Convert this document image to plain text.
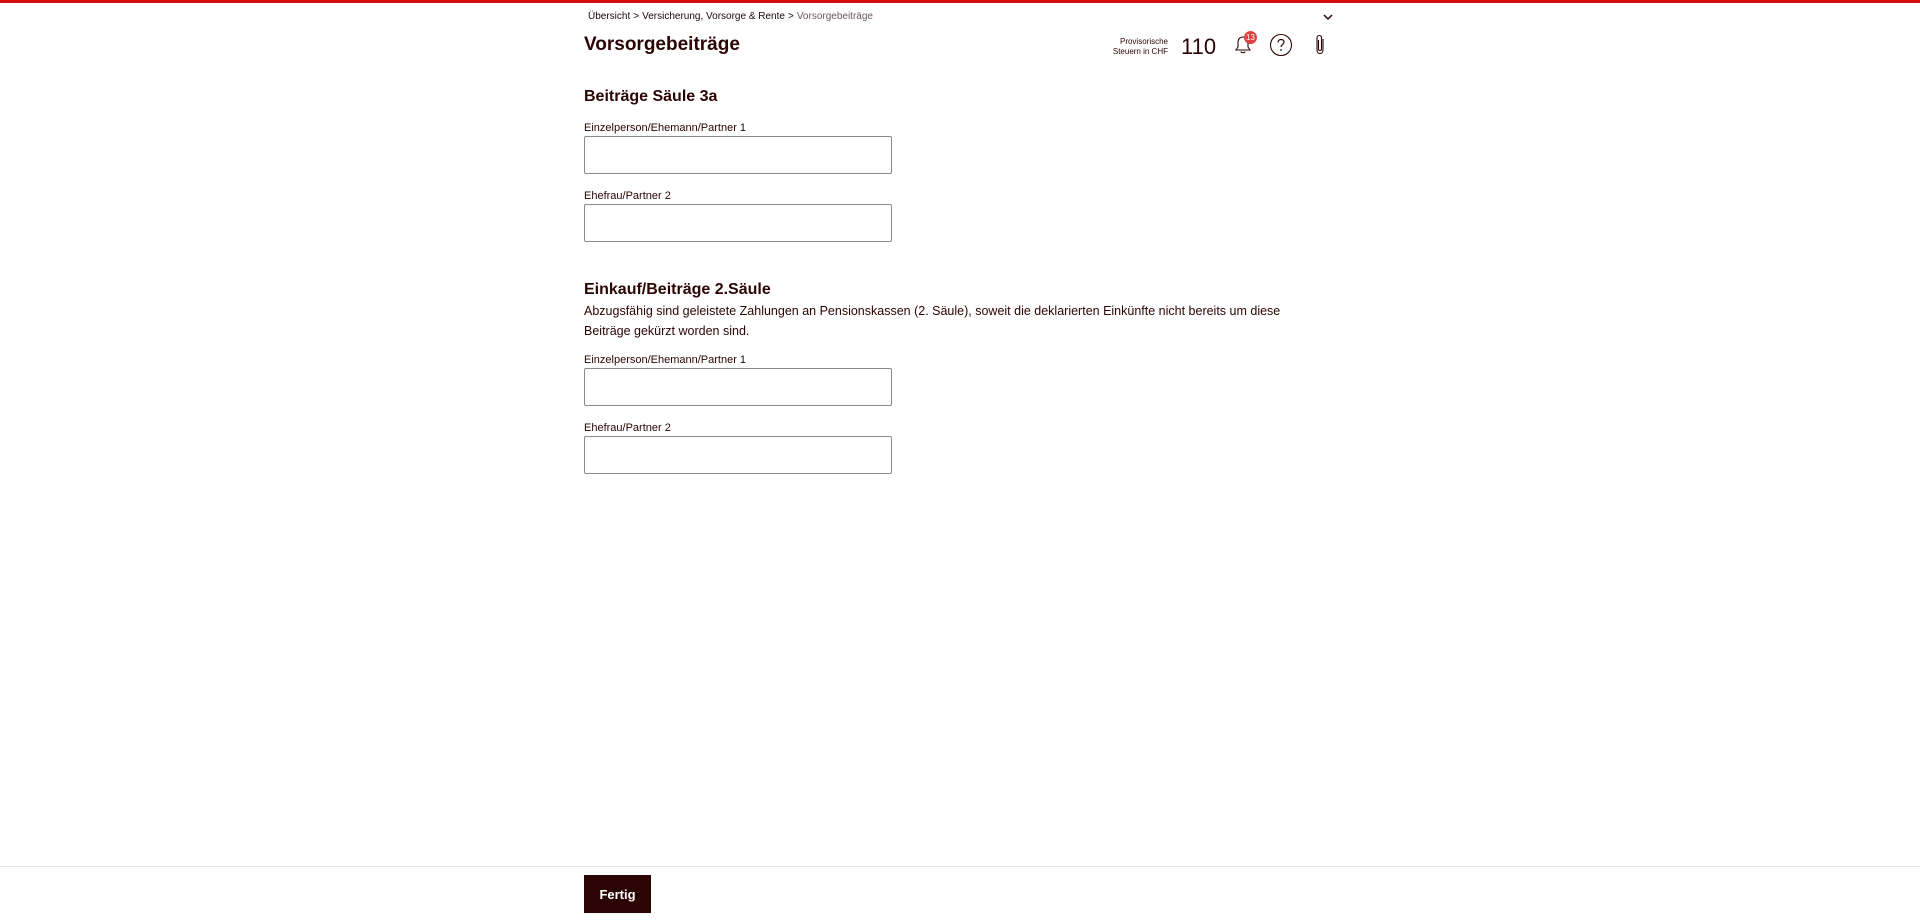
Übersicht > Versicherung, Vorsorge & Rente > Vorsorgebeiträge
Vorsorgebeiträge	Provisorische
Steuern in CHF 110	13
Beiträge Säule 3a
Einzelperson/Ehemann/Partner 1
Ehefrau/Partner 2
Einkauf/Beiträge 2.Säule

Abzugsfähig sind geleistete Zahlungen an Pensionskassen (2. Säule), soweit die deklarierten Einkünfte nicht bereits um diese Beiträge gekürzt worden sind.

Einzelperson/Ehemann/Partner 1
Ehefrau/Partner 2
Fertig
